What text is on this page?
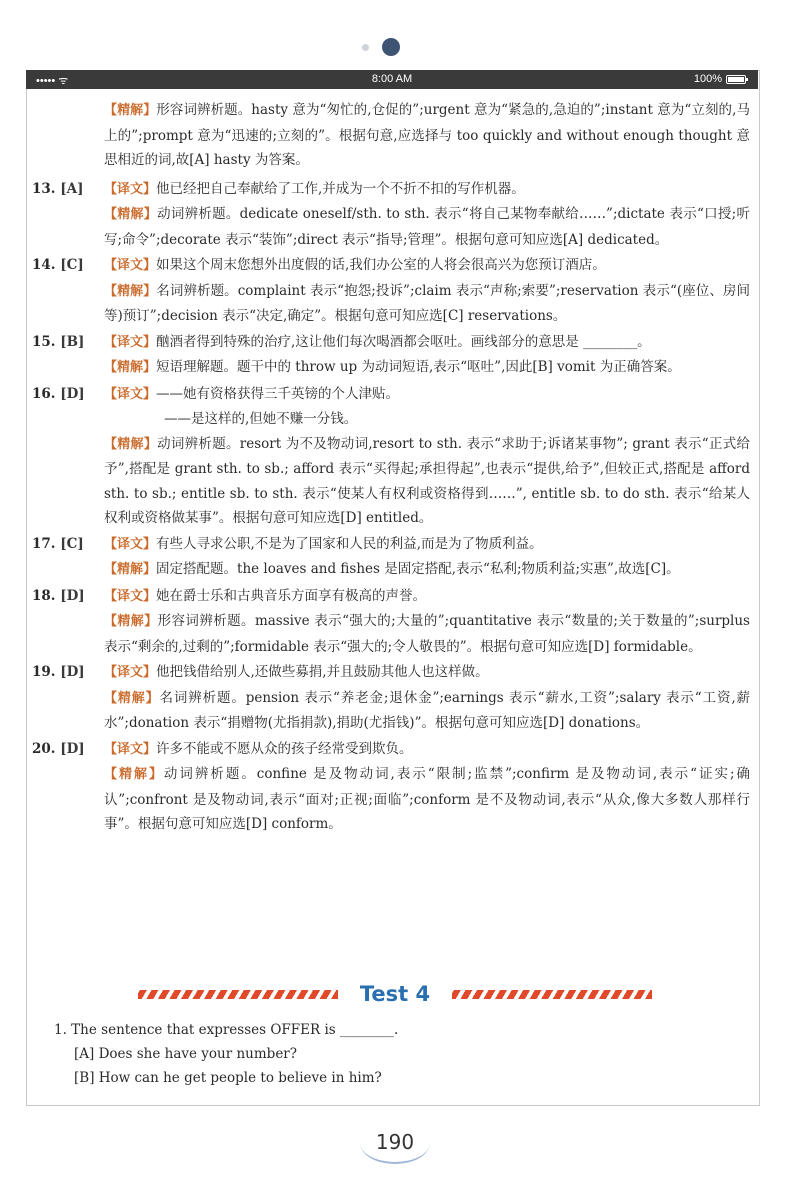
••••• ᯤ	8:00 AM	100%
【精解】形容词辨析题。hasty 意为“匆忙的,仓促的”;urgent 意为“紧急的,急迫的”;instant 意为“立刻的,马上的”;prompt 意为“迅速的;立刻的”。根据句意,应选择与 too quickly and without enough thought 意思相近的词,故[A] hasty 为答案。
13. [A] 【译文】他已经把自己奉献给了工作,并成为一个不折不扣的写作机器。
【精解】动词辨析题。dedicate oneself/sth. to sth. 表示“将自己某物奉献给……”;dictate 表示“口授;听写;命令”;decorate 表示“装饰”;direct 表示“指导;管理”。根据句意可知应选[A] dedicated。
14. [C] 【译文】如果这个周末您想外出度假的话,我们办公室的人将会很高兴为您预订酒店。
【精解】名词辨析题。complaint 表示“抱怨;投诉”;claim 表示“声称;索要”;reservation 表示“(座位、房间等)预订”;decision 表示“决定,确定”。根据句意可知应选[C] reservations。
15. [B] 【译文】酗酒者得到特殊的治疗,这让他们每次喝酒都会呕吐。画线部分的意思是 ________。
【精解】短语理解题。题干中的 throw up 为动词短语,表示“呕吐”,因此[B] vomit 为正确答案。
16. [D] 【译文】——她有资格获得三千英镑的个人津贴。
——是这样的,但她不赚一分钱。
【精解】动词辨析题。resort 为不及物动词,resort to sth. 表示“求助于;诉诸某事物”; grant 表示“正式给予”,搭配是 grant sth. to sb.; afford 表示“买得起;承担得起”,也表示“提供,给予”,但较正式,搭配是 afford sth. to sb.; entitle sb. to sth. 表示“使某人有权利或资格得到……”, entitle sb. to do sth. 表示“给某人权利或资格做某事”。根据句意可知应选[D] entitled。
17. [C] 【译文】有些人寻求公职,不是为了国家和人民的利益,而是为了物质利益。
【精解】固定搭配题。the loaves and fishes 是固定搭配,表示“私利;物质利益;实惠”,故选[C]。
18. [D] 【译文】她在爵士乐和古典音乐方面享有极高的声誉。
【精解】形容词辨析题。massive 表示“强大的;大量的”;quantitative 表示“数量的;关于数量的”;surplus 表示“剩余的,过剩的”;formidable 表示“强大的;令人敬畏的”。根据句意可知应选[D] formidable。
19. [D] 【译文】他把钱借给别人,还做些募捐,并且鼓励其他人也这样做。
【精解】名词辨析题。pension 表示“养老金;退休金”;earnings 表示“薪水,工资”;salary 表示“工资,薪水”;donation 表示“捐赠物(尤指捐款),捐助(尤指钱)”。根据句意可知应选[D] donations。
20. [D] 【译文】许多不能或不愿从众的孩子经常受到欺负。
【精解】动词辨析题。confine 是及物动词,表示“限制;监禁”;confirm 是及物动词,表示“证实;确认”;confront 是及物动词,表示“面对;正视;面临”;conform 是不及物动词,表示“从众,像大多数人那样行事”。根据句意可知应选[D] conform。
Test 4
1. The sentence that expresses OFFER is ________.
[A] Does she have your number?
[B] How can he get people to believe in him?
190
